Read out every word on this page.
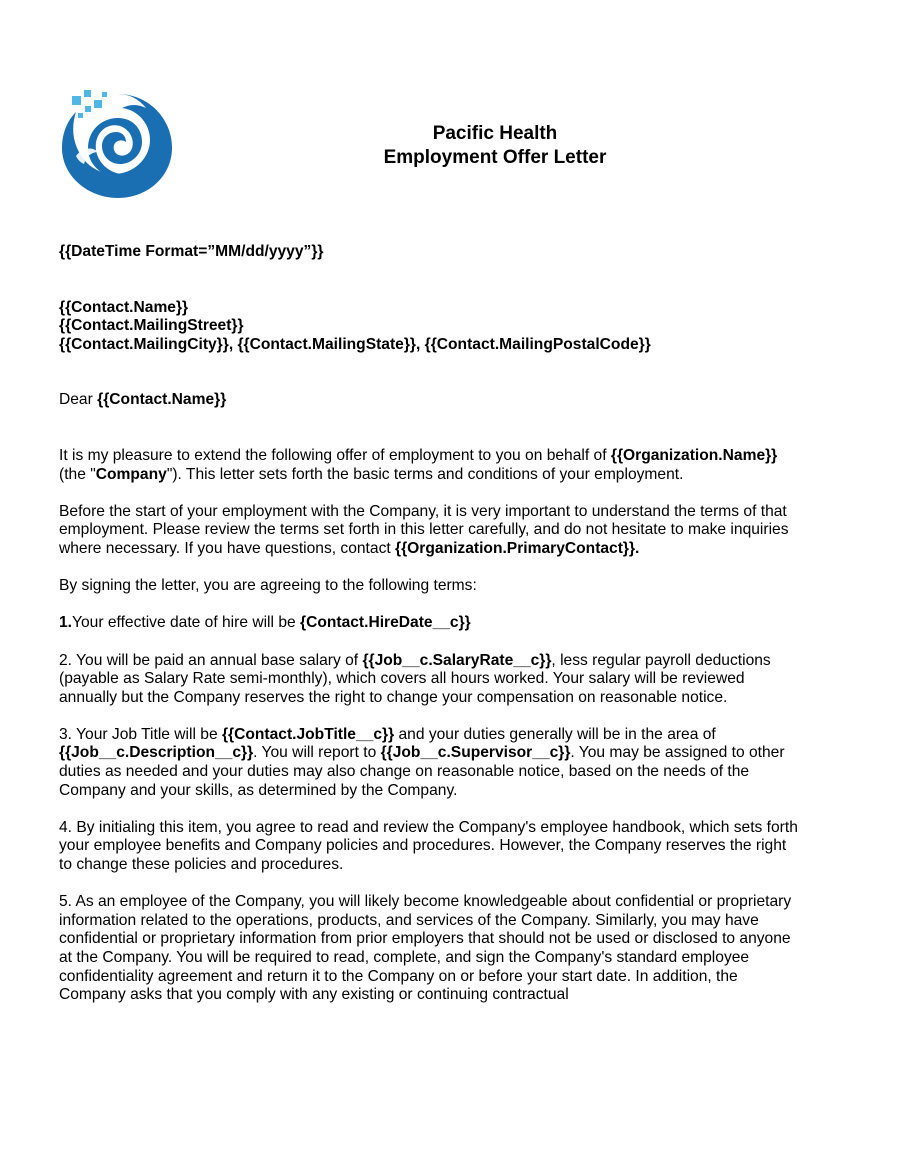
Pacific Health
Employment Offer Letter

{{DateTime Format=”MM/dd/yyyy”}}

{{Contact.Name}}

{{Contact.MailingStreet}}

{{Contact.MailingCity}}, {{Contact.MailingState}}, {{Contact.MailingPostalCode}}

Dear {{Contact.Name}}

It is my pleasure to extend the following offer of employment to you on behalf of {{Organization.Name}} (the "Company"). This letter sets forth the basic terms and conditions of your employment.

Before the start of your employment with the Company, it is very important to understand the terms of that employment. Please review the terms set forth in this letter carefully, and do not hesitate to make inquiries where necessary. If you have questions, contact {{Organization.PrimaryContact}}.

By signing the letter, you are agreeing to the following terms:

1.Your effective date of hire will be {Contact.HireDate__c}}

2. You will be paid an annual base salary of {{Job__c.SalaryRate__c}}, less regular payroll deductions (payable as Salary Rate semi-monthly), which covers all hours worked. Your salary will be reviewed annually but the Company reserves the right to change your compensation on reasonable notice.

3. Your Job Title will be {{Contact.JobTitle__c}} and your duties generally will be in the area of {{Job__c.Description__c}}. You will report to {{Job__c.Supervisor__c}}. You may be assigned to other duties as needed and your duties may also change on reasonable notice, based on the needs of the Company and your skills, as determined by the Company.

4. By initialing this item, you agree to read and review the Company's employee handbook, which sets forth your employee benefits and Company policies and procedures. However, the Company reserves the right to change these policies and procedures.

5. As an employee of the Company, you will likely become knowledgeable about confidential or proprietary information related to the operations, products, and services of the Company. Similarly, you may have confidential or proprietary information from prior employers that should not be used or disclosed to anyone at the Company. You will be required to read, complete, and sign the Company's standard employee confidentiality agreement and return it to the Company on or before your start date. In addition, the Company asks that you comply with any existing or continuing contractual
